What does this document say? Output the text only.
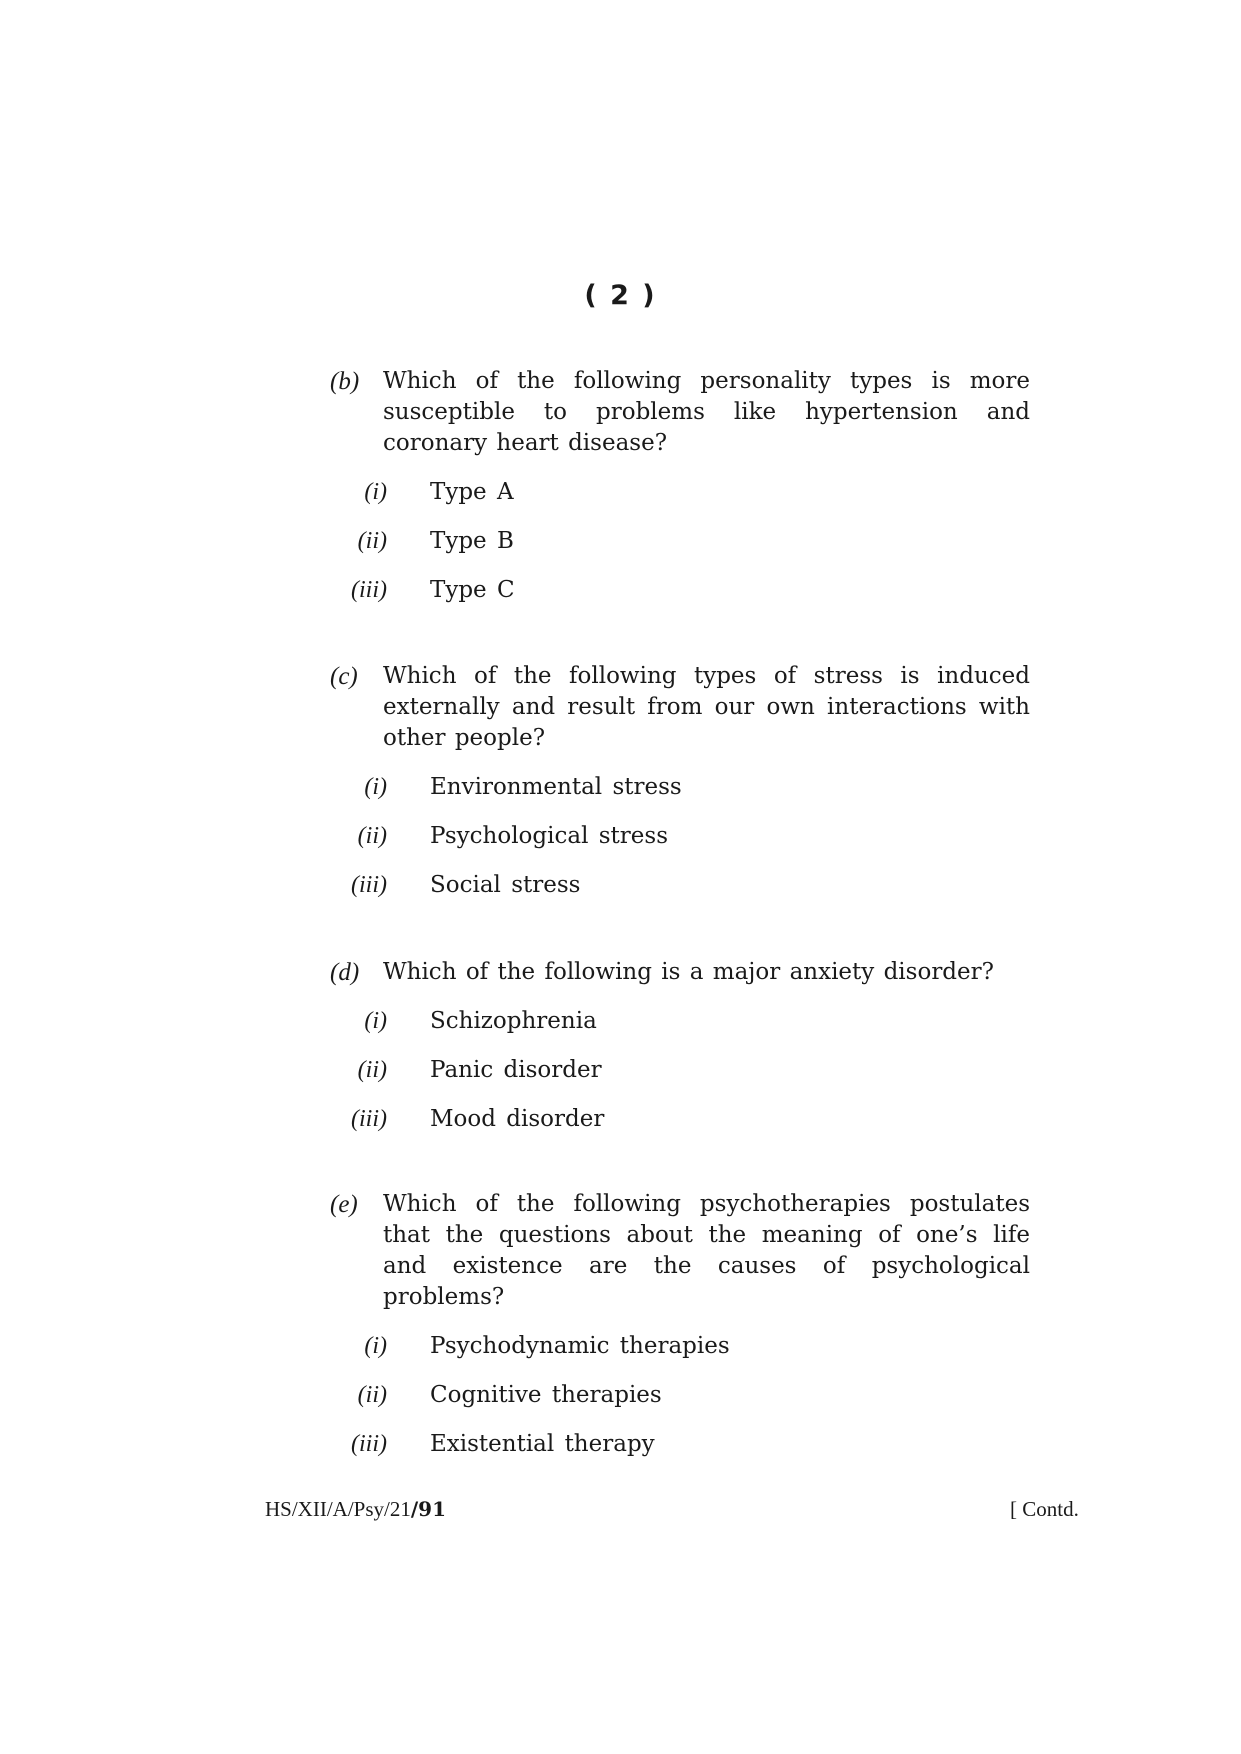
( 2 )
(b)	Which of the following personality types is more susceptible to problems like hypertension and coronary heart disease?
(i) Type A
(ii) Type B
(iii) Type C
(c)	Which of the following types of stress is induced externally and result from our own interactions with other people?
(i) Environmental stress
(ii) Psychological stress
(iii) Social stress
(d)	Which of the following is a major anxiety disorder?
(i) Schizophrenia
(ii) Panic disorder
(iii) Mood disorder
(e)	Which of the following psychotherapies postulates that the questions about the meaning of one’s life and existence are the causes of psychological problems?
(i) Psychodynamic therapies
(ii) Cognitive therapies
(iii) Existential therapy
HS/XII/A/Psy/21/91	[ Contd.
